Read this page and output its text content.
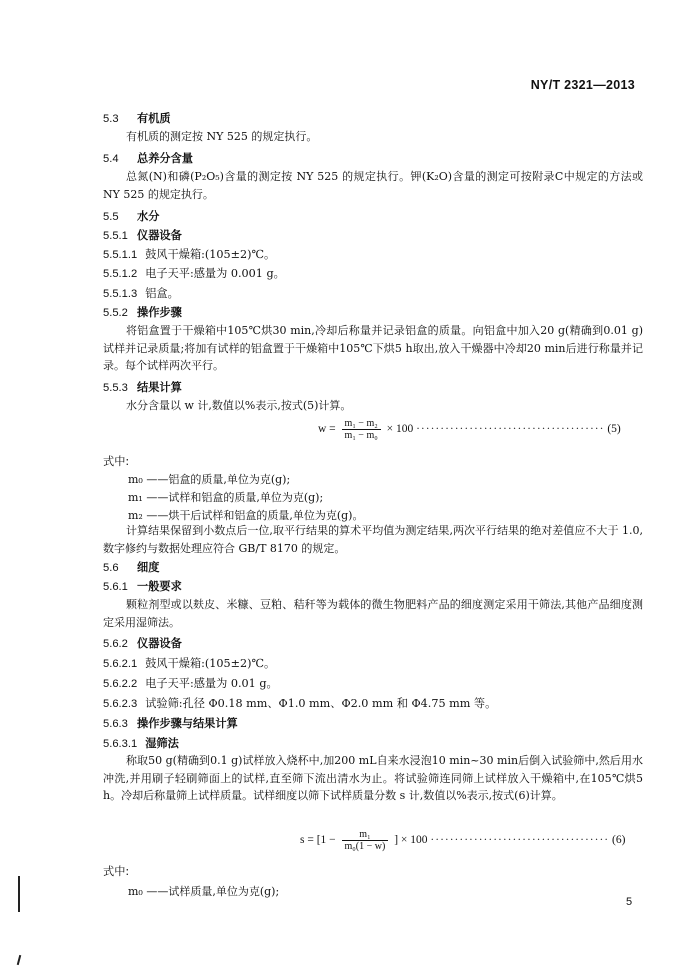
NY/T 2321—2013
5.3 有机质
有机质的测定按 NY 525 的规定执行。
5.4 总养分含量
总氮(N)和磷(P₂O₅)含量的测定按 NY 525 的规定执行。钾(K₂O)含量的测定可按附录C中规定的方法或 NY 525 的规定执行。
5.5 水分
5.5.1 仪器设备
5.5.1.1 鼓风干燥箱:(105±2)℃。
5.5.1.2 电子天平:感量为 0.001 g。
5.5.1.3 铝盒。
5.5.2 操作步骤
将铝盒置于干燥箱中105℃烘30 min,冷却后称量并记录铝盒的质量。向铝盒中加入20 g(精确到0.01 g)试样并记录质量;将加有试样的铝盒置于干燥箱中105℃下烘5 h取出,放入干燥器中冷却20 min后进行称量并记录。每个试样两次平行。
5.5.3 结果计算
水分含量以 w 计,数值以%表示,按式(5)计算。
$w = \frac{\text{m₁ − m₂}}{\text{m₁ − m₀}} \times 100$ ······································· (5)
式中:
m₀ ——铝盒的质量,单位为克(g);
m₁ ——试样和铝盒的质量,单位为克(g);
m₂ ——烘干后试样和铝盒的质量,单位为克(g)。
计算结果保留到小数点后一位,取平行结果的算术平均值为测定结果,两次平行结果的绝对差值应不大于 1.0,数字修约与数据处理应符合 GB/T 8170 的规定。
5.6 细度
5.6.1 一般要求
颗粒剂型或以麸皮、米糠、豆粕、秸秆等为载体的微生物肥料产品的细度测定采用干筛法,其他产品细度测定采用湿筛法。
5.6.2 仪器设备
5.6.2.1 鼓风干燥箱:(105±2)℃。
5.6.2.2 电子天平:感量为 0.01 g。
5.6.2.3 试验筛:孔径 Φ0.18 mm、Φ1.0 mm、Φ2.0 mm 和 Φ4.75 mm 等。
5.6.3 操作步骤与结果计算
5.6.3.1 湿筛法
称取50 g(精确到0.1 g)试样放入烧杯中,加200 mL自来水浸泡10 min~30 min后倒入试验筛中,然后用水冲洗,并用刷子轻刷筛面上的试样,直至筛下流出清水为止。将试验筛连同筛上试样放入干燥箱中,在105℃烘5 h。冷却后称量筛上试样质量。试样细度以筛下试样质量分数 s 计,数值以%表示,按式(6)计算。
$s = [1 - \frac{\text{m₁}}{\text{m₀(1 − w)}}$ ] × 100 ····································· (6)
式中:
m₀ ——试样质量,单位为克(g);
5
